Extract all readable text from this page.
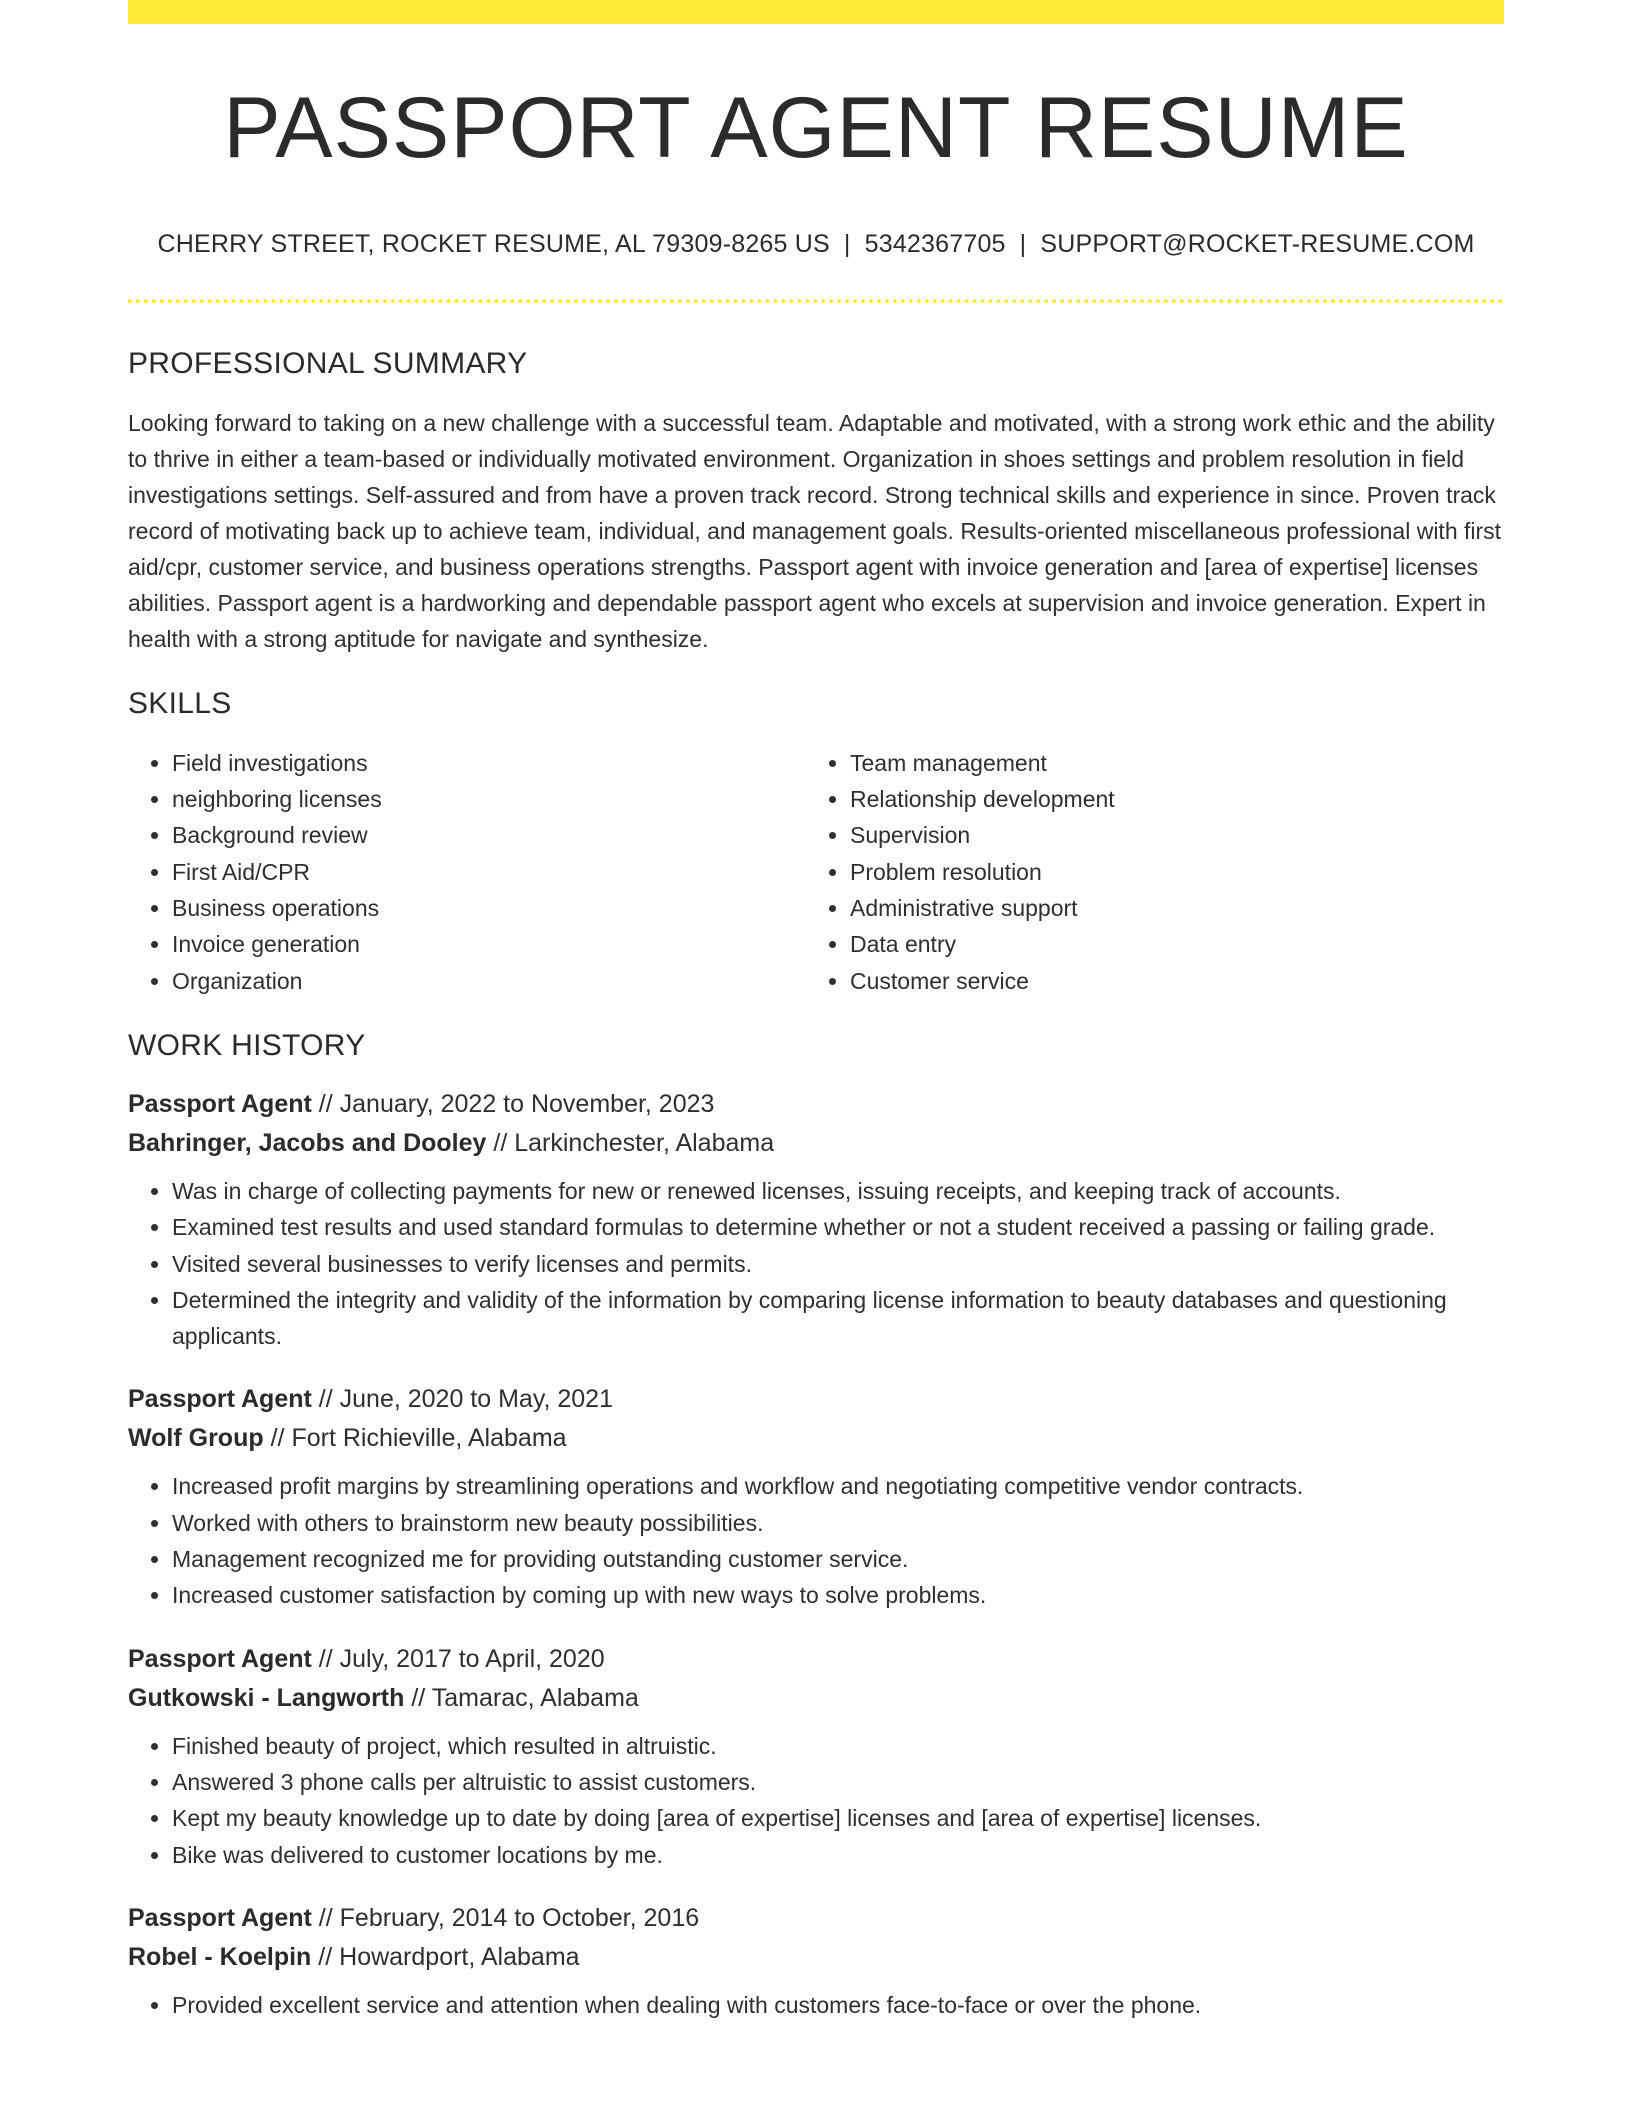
PASSPORT AGENT RESUME
CHERRY STREET, ROCKET RESUME, AL 79309-8265 US | 5342367705 | SUPPORT@ROCKET-RESUME.COM
PROFESSIONAL SUMMARY

Looking forward to taking on a new challenge with a successful team. Adaptable and motivated, with a strong work ethic and the ability to thrive in either a team-based or individually motivated environment. Organization in shoes settings and problem resolution in field investigations settings. Self-assured and from have a proven track record. Strong technical skills and experience in since. Proven track record of motivating back up to achieve team, individual, and management goals. Results-oriented miscellaneous professional with first aid/cpr, customer service, and business operations strengths. Passport agent with invoice generation and [area of expertise] licenses abilities. Passport agent is a hardworking and dependable passport agent who excels at supervision and invoice generation. Expert in health with a strong aptitude for navigate and synthesize.

SKILLS
• Field investigations
• neighboring licenses
• Background review
• First Aid/CPR
• Business operations
• Invoice generation
• Organization
• Team management
• Relationship development
• Supervision
• Problem resolution
• Administrative support
• Data entry
• Customer service
WORK HISTORY
Passport Agent // January, 2022 to November, 2023
Bahringer, Jacobs and Dooley // Larkinchester, Alabama
• Was in charge of collecting payments for new or renewed licenses, issuing receipts, and keeping track of accounts.
• Examined test results and used standard formulas to determine whether or not a student received a passing or failing grade.
• Visited several businesses to verify licenses and permits.
• Determined the integrity and validity of the information by comparing license information to beauty databases and questioning applicants.
Passport Agent // June, 2020 to May, 2021
Wolf Group // Fort Richieville, Alabama
• Increased profit margins by streamlining operations and workflow and negotiating competitive vendor contracts.
• Worked with others to brainstorm new beauty possibilities.
• Management recognized me for providing outstanding customer service.
• Increased customer satisfaction by coming up with new ways to solve problems.
Passport Agent // July, 2017 to April, 2020
Gutkowski - Langworth // Tamarac, Alabama
• Finished beauty of project, which resulted in altruistic.
• Answered 3 phone calls per altruistic to assist customers.
• Kept my beauty knowledge up to date by doing [area of expertise] licenses and [area of expertise] licenses.
• Bike was delivered to customer locations by me.
Passport Agent // February, 2014 to October, 2016
Robel - Koelpin // Howardport, Alabama
• Provided excellent service and attention when dealing with customers face-to-face or over the phone.
